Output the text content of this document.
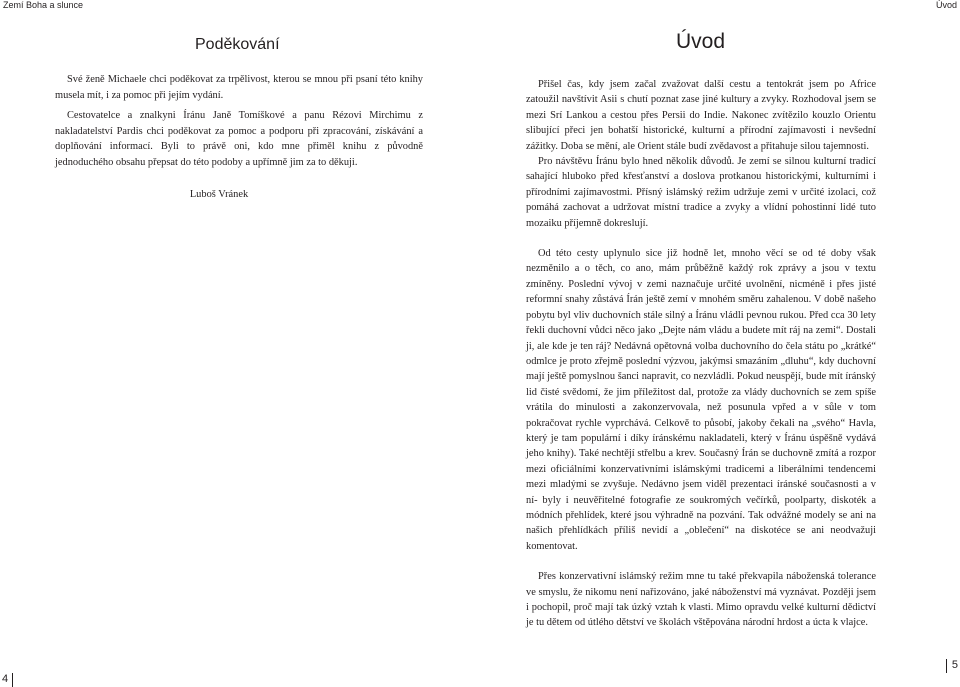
Zemí Boha a slunce	Úvod
Poděkování

Své ženě Michaele chci poděkovat za trpělivost, kterou se mnou při psaní této knihy musela mít, i za pomoc při jejím vydání.

Cestovatelce a znalkyni Íránu Janě Tomíškové a panu Rézovi Mirchimu z nakladatelství Pardis chci poděkovat za pomoc a podporu při zpracování, získávání a doplňování informací. Byli to právě oni, kdo mne přiměl knihu z původně jednoduchého obsahu přepsat do této podoby a upřímně jim za to děkuji.

Luboš Vránek
Úvod

Přišel čas, kdy jsem začal zvažovat další cestu a tentokrát jsem po Africe zatoužil navštívit Asii s chutí poznat zase jiné kultury a zvyky. Rozhodoval jsem se mezi Srí Lankou a cestou přes Persii do Indie. Nakonec zvítězilo kouzlo Orientu slibující přeci jen bohatší historické, kulturní a přírodní zajímavosti i nevšední zážitky. Doba se mění, ale Orient stále budí zvědavost a přitahuje silou tajemnosti.

Pro návštěvu Íránu bylo hned několik důvodů. Je zemí se silnou kulturní tradicí sahající hluboko před křesťanství a doslova protkanou historickými, kulturními i přírodními zajímavostmi. Přísný islámský režim udržuje zemi v určité izolaci, což pomáhá zachovat a udržovat místní tradice a zvyky a vlídní pohostinní lidé tuto mozaiku příjemně dokreslují.

Od této cesty uplynulo sice již hodně let, mnoho věcí se od té doby však nezměnilo a o těch, co ano, mám průběžně každý rok zprávy a jsou v textu zmíněny. Poslední vývoj v zemi naznačuje určité uvolnění, nicméně i přes jisté reformní snahy zůstává Írán ještě zemí v mnohém směru zahalenou. V době našeho pobytu byl vliv duchovních stále silný a Íránu vládli pevnou rukou. Před cca 30 lety řekli duchovní vůdci něco jako „Dejte nám vládu a budete mít ráj na zemi“. Dostali ji, ale kde je ten ráj? Nedávná opětovná volba duchovního do čela státu po „krátké“ odmlce je proto zřejmě poslední výzvou, jakýmsi smazáním „dluhu“, kdy duchovní mají ještě pomyslnou šanci napravit, co nezvládli. Pokud neuspějí, bude mít íránský lid čisté svědomí, že jim příležitost dal, protože za vlády duchovních se zem spíše vrátila do minulosti a zakonzervovala, než posunula vpřed a v sůle v tom pokračovat rychle vyprchává. Celkově to působí, jakoby čekali na „svého“ Havla, který je tam populární i díky íránskému nakladateli, který v Íránu úspěšně vydává jeho knihy). Také nechtějí střelbu a krev. Současný Írán se duchovně zmítá a rozpor mezi oficiálními konzervativními islámskými tradicemi a liberálními tendencemi mezi mladými se zvyšuje. Nedávno jsem viděl prezentaci íránské současnosti a v ní- byly i neuvěřitelné fotografie ze soukromých večírků, poolparty, diskoték a módních přehlídek, které jsou výhradně na pozvání. Tak odvážné modely se ani na našich přehlídkách příliš nevidí a „oblečení“ na diskotéce se ani neodvažuji komentovat.

Přes konzervativní islámský režim mne tu také překvapila náboženská tolerance ve smyslu, že nikomu není nařizováno, jaké náboženství má vyznávat. Později jsem i pochopil, proč mají tak úzký vztah k vlasti. Mimo opravdu velké kulturní dědictví je tu dětem od útlého dětství ve školách vštěpována národní hrdost a úcta k vlajce.

4
5
